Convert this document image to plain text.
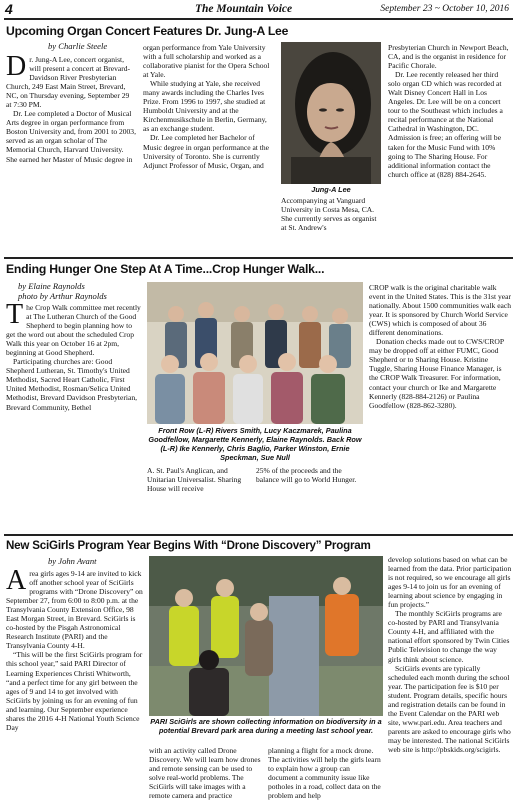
4	The Mountain Voice	September 23 ~ October 10, 2016
Upcoming Organ Concert Features Dr. Jung-A Lee
by Charlie Steele
D r. Jung-A Lee, concert organist, will present a concert at Brevard-Davidson River Presbyterian Church, 249 East Main Street, Brevard, NC, on Thursday evening, September 29 at 7:30 PM.

Dr. Lee completed a Doctor of Musical Arts degree in organ performance from Boston University and, from 2001 to 2003, served as an organ scholar of The Memorial Church, Harvard University. She earned her Master of Music degree in

organ performance from Yale University with a full scholarship and worked as a collaborative pianist for the Opera School at Yale.

While studying at Yale, she received many awards including the Charles Ives Prize. From 1996 to 1997, she studied at Humboldt University and at the Kirchenmusikschule in Berlin, Germany, as an exchange student.

Dr. Lee completed her Bachelor of Music degree in organ performance at the University of Toronto. She is currently Adjunct Professor of Music, Organ, and

Jung-A Lee

Accompanying at Vanguard University in Costa Mesa, CA. She currently serves as organist at St. Andrew's

Presbyterian Church in Newport Beach, CA, and is the organist in residence for Pacific Chorale.

Dr. Lee recently released her third solo organ CD which was recorded at Walt Disney Concert Hall in Los Angeles. Dr. Lee will be on a concert tour to the Southeast which includes a recital performance at the National Cathedral in Washington, DC. Admission is free; an offering will be taken for the Music Fund with 10% going to The Sharing House. For additional information contact the church office at (828) 884-2645.

Ending Hunger One Step At A Time...Crop Hunger Walk...
by Elaine Raynolds
photo by Arthur Raynolds
T he Crop Walk committee met recently at The Lutheran Church of the Good Shepherd to begin planning how to get the word out about the scheduled Crop Walk this year on October 16 at 2pm, beginning at Good Shepherd.

Participating churches are: Good Shepherd Lutheran, St. Timothy's United Methodist, Sacred Heart Catholic, First United Methodist, Rosman/Selica United Methodist, Brevard Davidson Presbyterian, Brevard Community, Bethel

Front Row (L-R) Rivers Smith, Lucy Kaczmarek, Paulina Goodfellow, Margarette Kennerly, Elaine Raynolds. Back Row (L-R) Ike Kennerly, Chris Baglio, Parker Winston, Ernie Speckman, Sue Null

A. St. Paul's Anglican, and Unitarian Universalist. Sharing House will receive

25% of the proceeds and the balance will go to World Hunger.

CROP walk is the original charitable walk event in the United States. This is the 31st year nationally. About 1500 communities walk each year. It is sponsored by Church World Service (CWS) which is composed of about 36 different denominations.

Donation checks made out to CWS/CROP may be dropped off at either FUMC, Good Shepherd or to Sharing House. Kristine Tuggle, Sharing House Finance Manager, is the CROP Walk Treasurer. For information, contact your church or Ike and Margarette Kennerly (828-884-2126) or Paulina Goodfellow (828-862-3280).

New SciGirls Program Year Begins With “Drone Discovery” Program
by John Avant
A rea girls ages 9-14 are invited to kick off another school year of SciGirls programs with “Drone Discovery” on September 27, from 6:00 to 8:00 p.m. at the Transylvania County Extension Office, 98 East Morgan Street, in Brevard. SciGirls is co-hosted by the Pisgah Astronomical Research Institute (PARI) and the Transylvania County 4-H.

“This will be the first SciGirls program for this school year,” said PARI Director of Learning Experiences Christi Whitworth, “and a perfect time for any girl between the ages of 9 and 14 to get involved with SciGirls by joining us for an evening of fun and learning. Our September experience shares the 2016 4-H National Youth Science Day

PARI SciGirls are shown collecting information on biodiversity in a potential Brevard park area during a meeting last school year.

with an activity called Drone Discovery. We will learn how drones and remote sensing can be used to solve real-world problems. The SciGirls will take images with a remote camera and practice

planning a flight for a mock drone. The activities will help the girls learn to explain how a group can document a community issue like potholes in a road, collect data on the problem and help

develop solutions based on what can be learned from the data. Prior participation is not required, so we encourage all girls ages 9-14 to join us for an evening of learning about science by engaging in fun projects.”

The monthly SciGirls programs are co-hosted by PARI and Transylvania County 4-H, and affiliated with the national effort sponsored by Twin Cities Public Television to change the way girls think about science.

SciGirls events are typically scheduled each month during the school year. The participation fee is $10 per student. Program details, specific hours and registration details can be found in the Event Calendar on the PARI web site, www.pari.edu. Area teachers and parents are asked to encourage girls who may be interested. The national SciGirls web site is http://pbskids.org/scigirls.
